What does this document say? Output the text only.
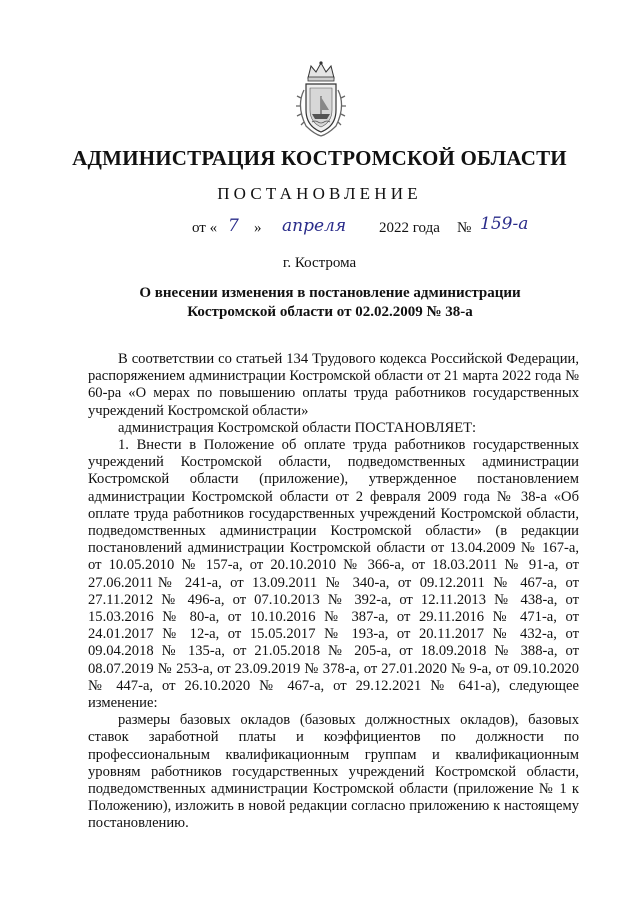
АДМИНИСТРАЦИЯ КОСТРОМСКОЙ ОБЛАСТИ
ПОСТАНОВЛЕНИЕ
от « 7 » апреля 2022 года № 159-а
г. Кострома
О внесении изменения в постановление администрации
Костромской области от 02.02.2009 № 38-а

В соответствии со статьей 134 Трудового кодекса Российской Федерации, распоряжением администрации Костромской области от 21 марта 2022 года № 60-ра «О мерах по повышению оплаты труда работников государственных учреждений Костромской области»

администрация Костромской области ПОСТАНОВЛЯЕТ:

1. Внести в Положение об оплате труда работников государственных учреждений Костромской области, подведомственных администрации Костромской области (приложение), утвержденное постановлением администрации Костромской области от 2 февраля 2009 года № 38-а «Об оплате труда работников государственных учреждений Костромской области, подведомственных администрации Костромской области» (в редакции постановлений администрации Костромской области от 13.04.2009 № 167-а, от 10.05.2010 № 157-а, от 20.10.2010 № 366-а, от 18.03.2011 № 91-а, от 27.06.2011№ 241-а, от 13.09.2011 № 340-а, от 09.12.2011 № 467-а, от 27.11.2012 № 496-а, от 07.10.2013 № 392-а, от 12.11.2013 № 438-а, от 15.03.2016 № 80-а, от 10.10.2016 № 387-а, от 29.11.2016 № 471-а, от 24.01.2017 № 12-а, от 15.05.2017 № 193-а, от 20.11.2017 № 432-а, от 09.04.2018 № 135-а, от 21.05.2018 № 205-а, от 18.09.2018 № 388-а, от 08.07.2019 № 253-а, от 23.09.2019 № 378-а, от 27.01.2020 № 9-а, от 09.10.2020 № 447-а, от 26.10.2020 № 467-а, от 29.12.2021 № 641-а), следующее изменение:

размеры базовых окладов (базовых должностных окладов), базовых ставок заработной платы и коэффициентов по должности по профессиональным квалификационным группам и квалификационным уровням работников государственных учреждений Костромской области, подведомственных администрации Костромской области (приложение № 1 к Положению), изложить в новой редакции согласно приложению к настоящему постановлению.
